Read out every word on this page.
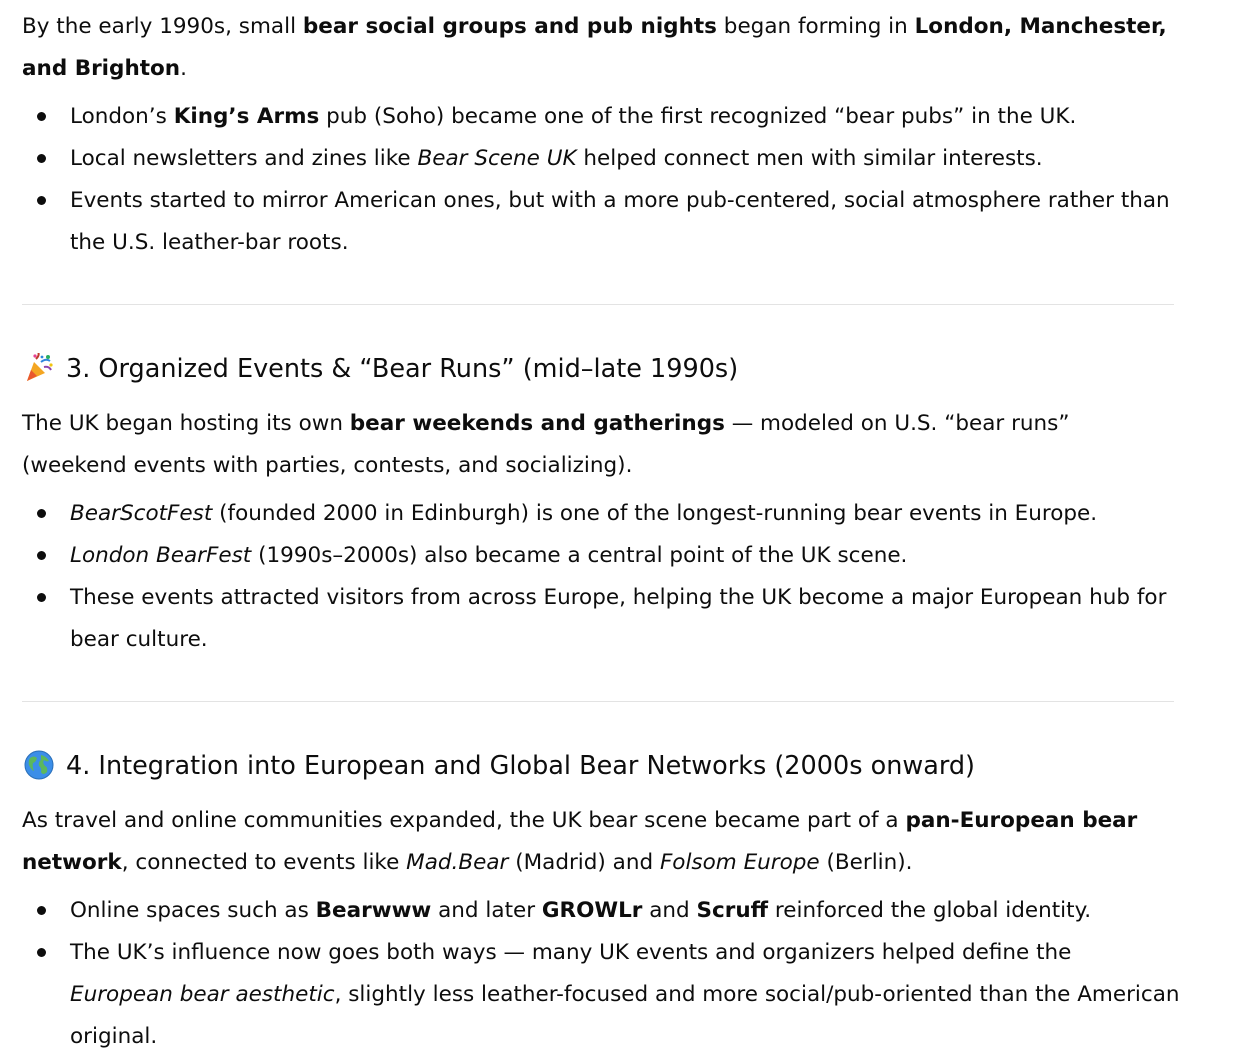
By the early 1990s, small bear social groups and pub nights began forming in London, Manchester, and Brighton.

London’s King’s Arms pub (Soho) became one of the first recognized “bear pubs” in the UK.
Local newsletters and zines like Bear Scene UK helped connect men with similar interests.
Events started to mirror American ones, but with a more pub-centered, social atmosphere rather than the U.S. leather-bar roots.
3. Organized Events & “Bear Runs” (mid–late 1990s)

The UK began hosting its own bear weekends and gatherings — modeled on U.S. “bear runs” (weekend events with parties, contests, and socializing).

BearScotFest (founded 2000 in Edinburgh) is one of the longest-running bear events in Europe.
London BearFest (1990s–2000s) also became a central point of the UK scene.
These events attracted visitors from across Europe, helping the UK become a major European hub for bear culture.
4. Integration into European and Global Bear Networks (2000s onward)

As travel and online communities expanded, the UK bear scene became part of a pan-European bear network, connected to events like Mad.Bear (Madrid) and Folsom Europe (Berlin).

Online spaces such as Bearwww and later GROWLr and Scruff reinforced the global identity.
The UK’s influence now goes both ways — many UK events and organizers helped define the European bear aesthetic, slightly less leather-focused and more social/pub-oriented than the American original.
